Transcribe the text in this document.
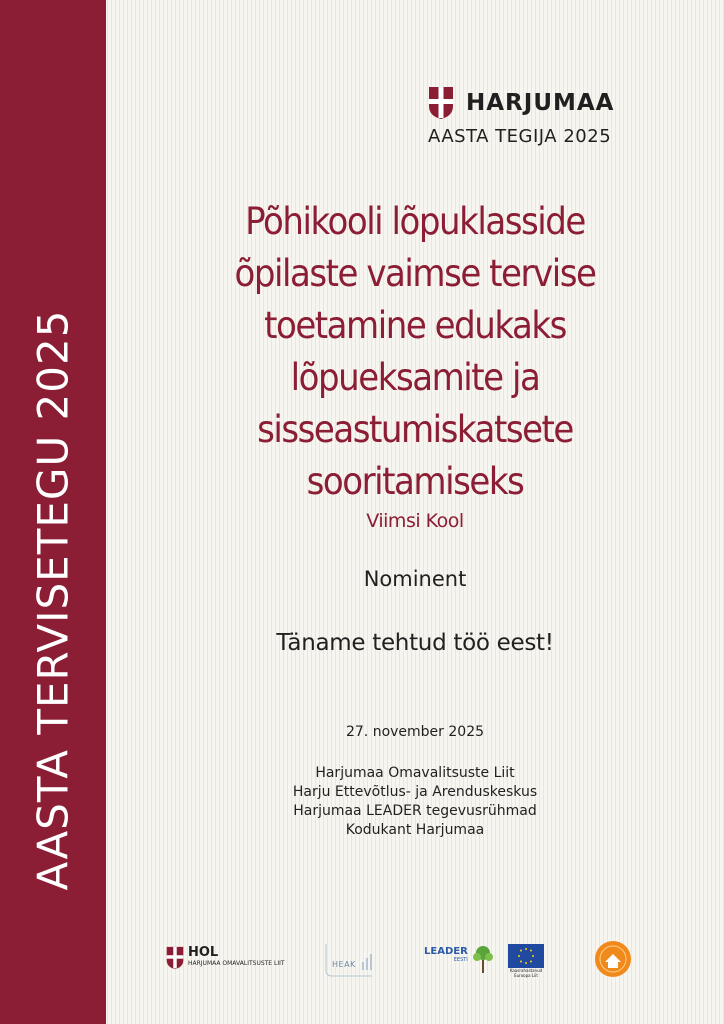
AASTA TERVISETEGU 2025
HARJUMAA
AASTA TEGIJA 2025
Põhikooli lõpuklasside
õpilaste vaimse tervise
toetamine edukaks
lõpueksamite ja
sisseastumiskatsete
sooritamiseks
Viimsi Kool
Nominent
Täname tehtud töö eest!
27. november 2025
Harjumaa Omavalitsuste Liit
Harju Ettevõtlus- ja Arenduskeskus
Harjumaa LEADER tegevusrühmad
Kodukant Harjumaa
HOL
HARJUMAA OMAVALITSUSTE LIIT	HEAK
LEADER
EESTI
Kaasrahastanud
Euroopa Liit
